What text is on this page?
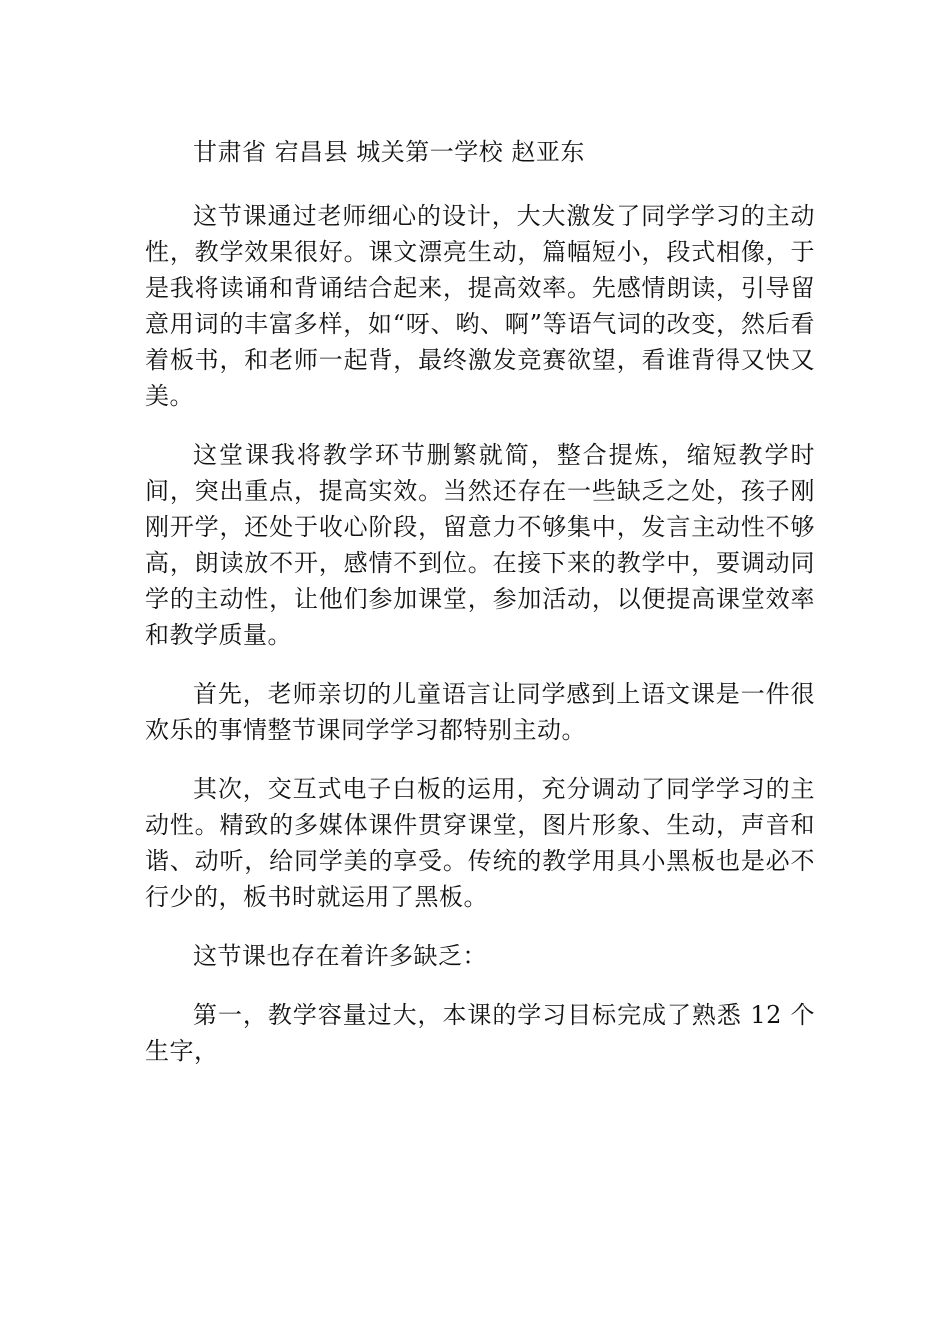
甘肃省 宕昌县 城关第一学校 赵亚东

这节课通过老师细心的设计，大大激发了同学学习的主动性，教学效果很好。课文漂亮生动，篇幅短小，段式相像，于是我将读诵和背诵结合起来，提高效率。先感情朗读，引导留意用词的丰富多样，如“呀、哟、啊”等语气词的改变，然后看着板书，和老师一起背，最终激发竞赛欲望，看谁背得又快又美。

这堂课我将教学环节删繁就简，整合提炼，缩短教学时间，突出重点，提高实效。当然还存在一些缺乏之处，孩子刚刚开学，还处于收心阶段，留意力不够集中，发言主动性不够高，朗读放不开，感情不到位。在接下来的教学中，要调动同学的主动性，让他们参加课堂，参加活动，以便提高课堂效率和教学质量。

首先，老师亲切的儿童语言让同学感到上语文课是一件很欢乐的事情整节课同学学习都特别主动。

其次，交互式电子白板的运用，充分调动了同学学习的主动性。精致的多媒体课件贯穿课堂，图片形象、生动，声音和谐、动听，给同学美的享受。传统的教学用具小黑板也是必不行少的，板书时就运用了黑板。

这节课也存在着许多缺乏：

第一，教学容量过大，本课的学习目标完成了熟悉 12 个生字，
